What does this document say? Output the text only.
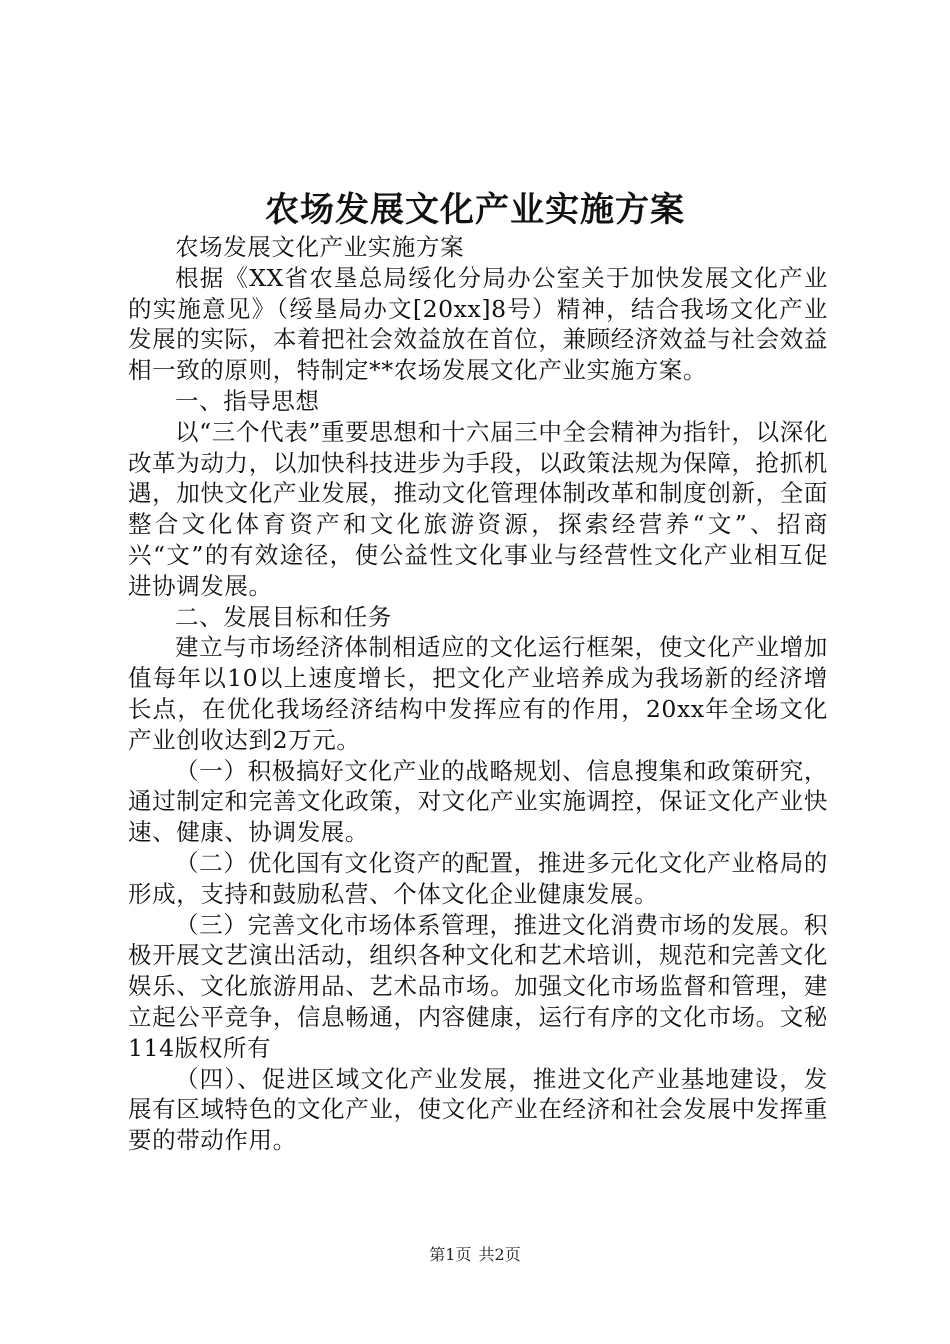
农场发展文化产业实施方案

农场发展文化产业实施方案

根据《XX省农垦总局绥化分局办公室关于加快发展文化产业的实施意见》（绥垦局办文[20xx]8号）精神，结合我场文化产业发展的实际，本着把社会效益放在首位，兼顾经济效益与社会效益相一致的原则，特制定**农场发展文化产业实施方案。

一、指导思想

以“三个代表”重要思想和十六届三中全会精神为指针，以深化改革为动力，以加快科技进步为手段，以政策法规为保障，抢抓机遇，加快文化产业发展，推动文化管理体制改革和制度创新，全面整合文化体育资产和文化旅游资源，探索经营养“文”、招商兴“文”的有效途径，使公益性文化事业与经营性文化产业相互促进协调发展。

二、发展目标和任务

建立与市场经济体制相适应的文化运行框架，使文化产业增加值每年以10以上速度增长，把文化产业培养成为我场新的经济增长点，在优化我场经济结构中发挥应有的作用，20xx年全场文化产业创收达到2万元。

（一）积极搞好文化产业的战略规划、信息搜集和政策研究，通过制定和完善文化政策，对文化产业实施调控，保证文化产业快速、健康、协调发展。

（二）优化国有文化资产的配置，推进多元化文化产业格局的形成，支持和鼓励私营、个体文化企业健康发展。

（三）完善文化市场体系管理，推进文化消费市场的发展。积极开展文艺演出活动，组织各种文化和艺术培训，规范和完善文化娱乐、文化旅游用品、艺术品市场。加强文化市场监督和管理，建立起公平竞争，信息畅通，内容健康，运行有序的文化市场。文秘114版权所有

（四）、促进区域文化产业发展，推进文化产业基地建设，发展有区域特色的文化产业，使文化产业在经济和社会发展中发挥重要的带动作用。

第1页 共2页
